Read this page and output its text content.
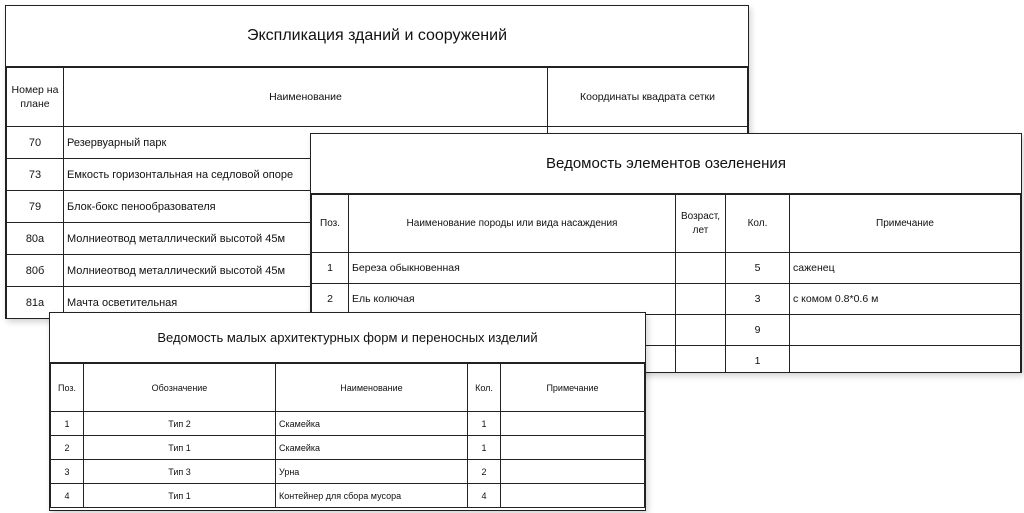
Экспликация зданий и сооружений
Номер на плане	Наименование	Координаты квадрата сетки
70	Резервуарный парк	
73	Емкость горизонтальная на седловой опоре	
79	Блок-бокс пенообразователя	
80а	Молниеотвод металлический высотой 45м	
80б	Молниеотвод металлический высотой 45м	
81а	Мачта осветительная	
Ведомость элементов озеленения
Поз.	Наименование породы или вида насаждения	Возраст, лет	Кол.	Примечание
1	Береза обыкновенная		5	саженец
2	Ель колючая		3	с комом 0.8*0.6 м
			9	
			1	
Ведомость малых архитектурных форм и переносных изделий
Поз.	Обозначение	Наименование	Кол.	Примечание
1	Тип 2	Скамейка	1	
2	Тип 1	Скамейка	1	
3	Тип 3	Урна	2	
4	Тип 1	Контейнер для сбора мусора	4	
